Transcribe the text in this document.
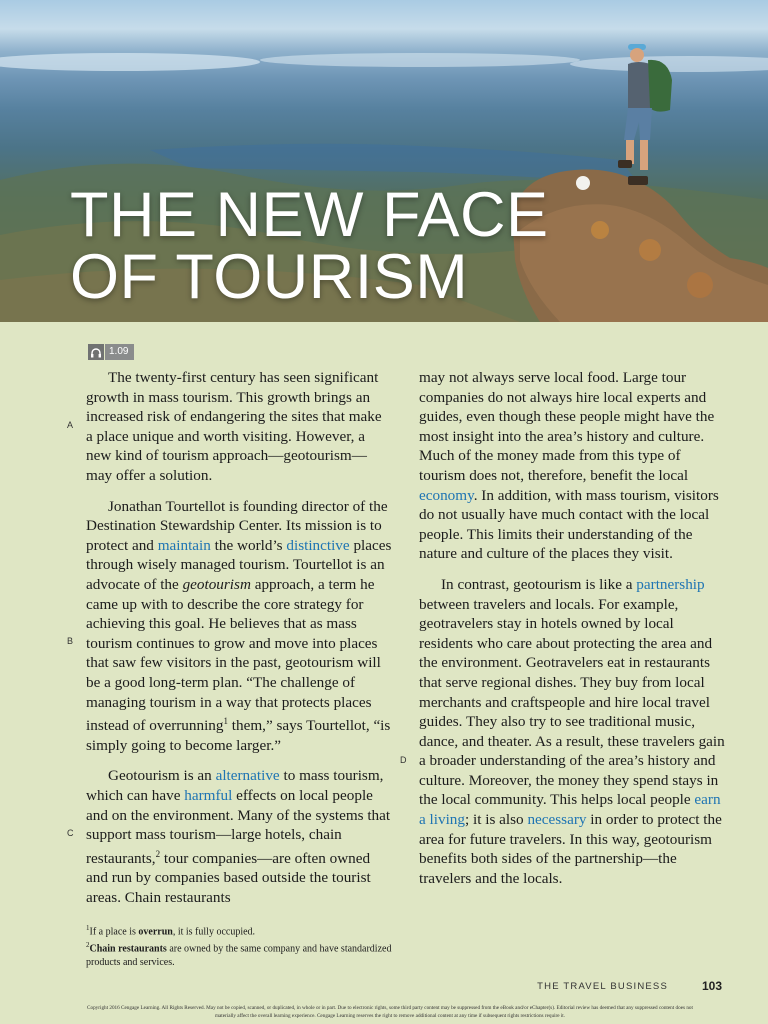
THE NEW FACE
OF TOURISM
1.09
A
B
C
D

The twenty-first century has seen significant growth in mass tourism. This growth brings an increased risk of endangering the sites that make a place unique and worth visiting. However, a new kind of tourism approach—geotourism—may offer a solution.

Jonathan Tourtellot is founding director of the Destination Stewardship Center. Its mission is to protect and maintain the world’s distinctive places through wisely managed tourism. Tourtellot is an advocate of the geotourism approach, a term he came up with to describe the core strategy for achieving this goal. He believes that as mass tourism continues to grow and move into places that saw few visitors in the past, geotourism will be a good long-term plan. “The challenge of managing tourism in a way that protects places instead of overrunning$^1$ them,” says Tourtellot, “is simply going to become larger.”

Geotourism is an alternative to mass tourism, which can have harmful effects on local people and on the environment. Many of the systems that support mass tourism—large hotels, chain restaurants,$^2$ tour companies—are often owned and run by companies based outside the tourist areas. Chain restaurants

may not always serve local food. Large tour companies do not always hire local experts and guides, even though these people might have the most insight into the area’s history and culture. Much of the money made from this type of tourism does not, therefore, benefit the local economy. In addition, with mass tourism, visitors do not usually have much contact with the local people. This limits their understanding of the nature and culture of the places they visit.

In contrast, geotourism is like a partnership between travelers and locals. For example, geotravelers stay in hotels owned by local residents who care about protecting the area and the environment. Geotravelers eat in restaurants that serve regional dishes. They buy from local merchants and craftspeople and hire local travel guides. They also try to see traditional music, dance, and theater. As a result, these travelers gain a broader understanding of the area’s history and culture. Moreover, the money they spend stays in the local community. This helps local people earn a living; it is also necessary in order to protect the area for future travelers. In this way, geotourism benefits both sides of the partnership—the travelers and the locals.

$^1$If a place is overrun, it is fully occupied.
$^2$Chain restaurants are owned by the same company and have standardized products and services.
THE TRAVEL BUSINESS	103
Copyright 2016 Cengage Learning. All Rights Reserved. May not be copied, scanned, or duplicated, in whole or in part. Due to electronic rights, some third party content may be suppressed from the eBook and/or eChapter(s). Editorial review has deemed that any suppressed content does not materially affect the overall learning experience. Cengage Learning reserves the right to remove additional content at any time if subsequent rights restrictions require it.
